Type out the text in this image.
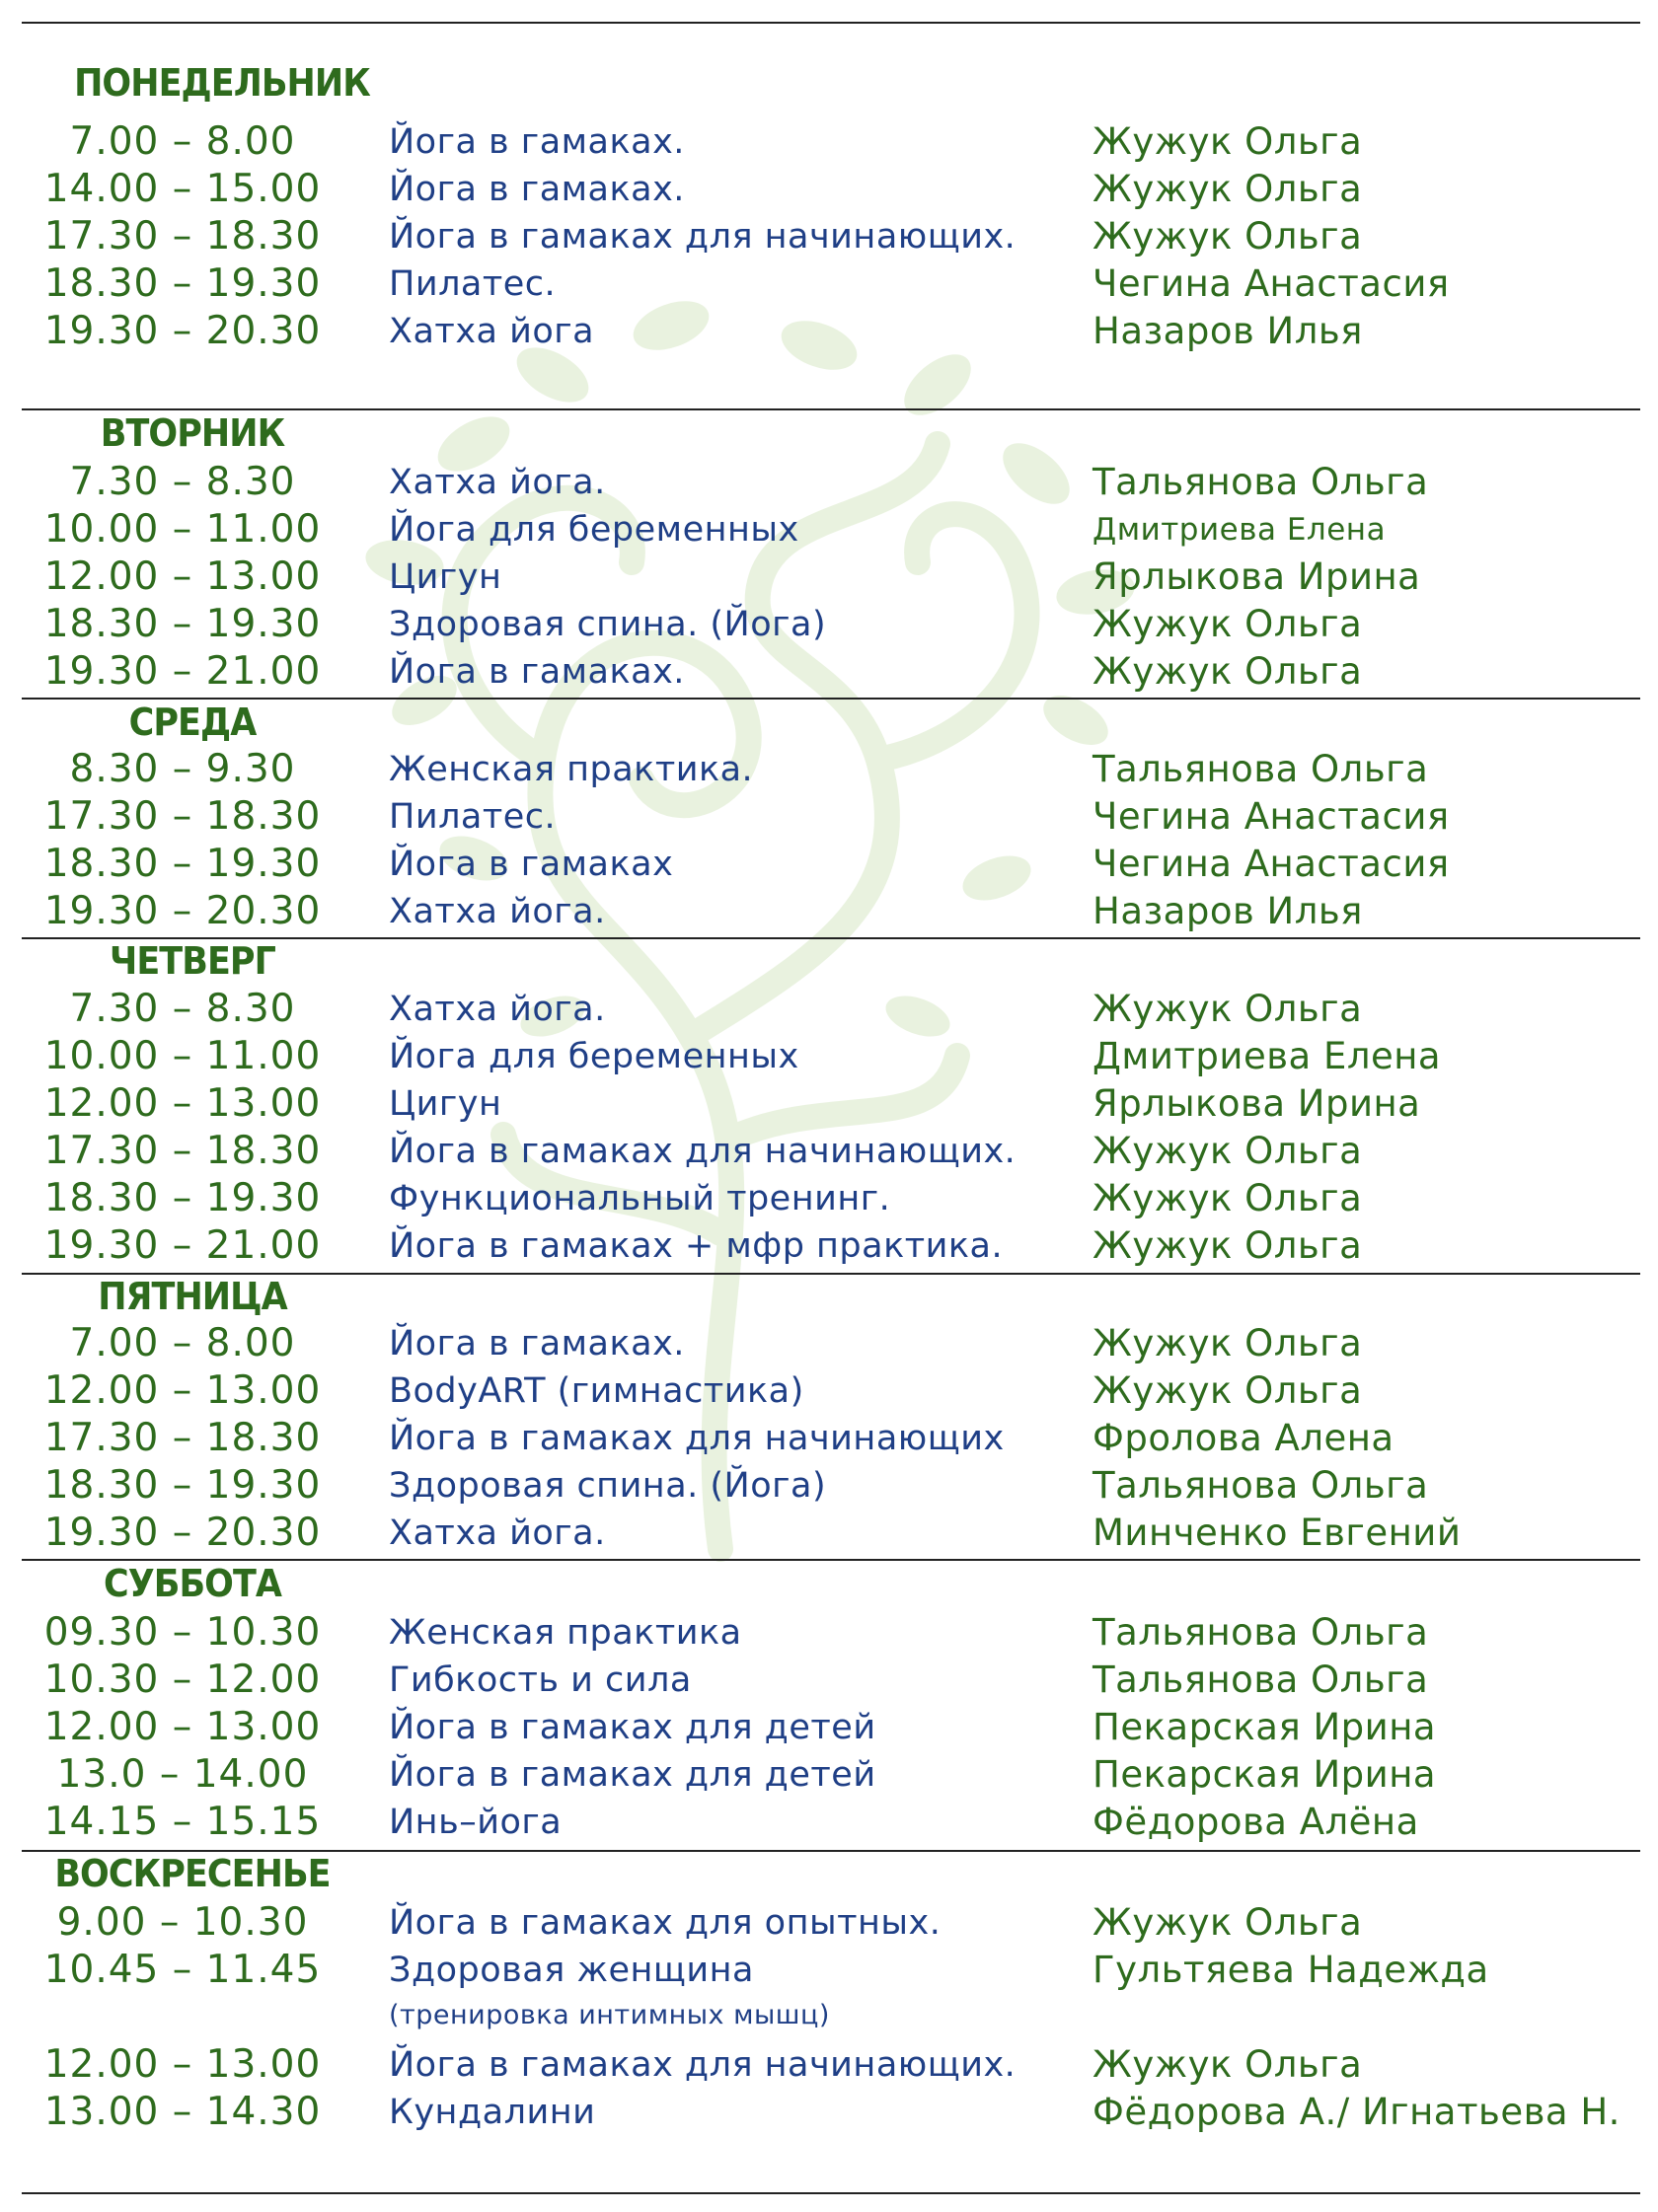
ПОНЕДЕЛЬНИК
7.00 – 8.00	Йога в гамаках.	Жужук Ольга
14.00 – 15.00	Йога в гамаках.	Жужук Ольга
17.30 – 18.30	Йога в гамаках для начинающих.	Жужук Ольга
18.30 – 19.30	Пилатес.	Чегина Анастасия
19.30 – 20.30	Хатха йога	Назаров Илья
ВТОРНИК
7.30 – 8.30	Хатха йога.	Тальянова Ольга
10.00 – 11.00	Йога для беременных	Дмитриева Елена
12.00 – 13.00	Цигун	Ярлыкова Ирина
18.30 – 19.30	Здоровая спина. (Йога)	Жужук Ольга
19.30 – 21.00	Йога в гамаках.	Жужук Ольга
СРЕДА
8.30 – 9.30	Женская практика.	Тальянова Ольга
17.30 – 18.30	Пилатес.	Чегина Анастасия
18.30 – 19.30	Йога в гамаках	Чегина Анастасия
19.30 – 20.30	Хатха йога.	Назаров Илья
ЧЕТВЕРГ
7.30 – 8.30	Хатха йога.	Жужук Ольга
10.00 – 11.00	Йога для беременных	Дмитриева Елена
12.00 – 13.00	Цигун	Ярлыкова Ирина
17.30 – 18.30	Йога в гамаках для начинающих.	Жужук Ольга
18.30 – 19.30	Функциональный тренинг.	Жужук Ольга
19.30 – 21.00	Йога в гамаках + мфр практика.	Жужук Ольга
ПЯТНИЦА
7.00 – 8.00	Йога в гамаках.	Жужук Ольга
12.00 – 13.00	BodyART (гимнастика)	Жужук Ольга
17.30 – 18.30	Йога в гамаках для начинающих	Фролова Алена
18.30 – 19.30	Здоровая спина. (Йога)	Тальянова Ольга
19.30 – 20.30	Хатха йога.	Минченко Евгений
СУББОТА
09.30 – 10.30	Женская практика	Тальянова Ольга
10.30 – 12.00	Гибкость и сила	Тальянова Ольга
12.00 – 13.00	Йога в гамаках для детей	Пекарская Ирина
13.0 – 14.00	Йога в гамаках для детей	Пекарская Ирина
14.15 – 15.15	Инь–йога	Фёдорова Алёна
ВОСКРЕСЕНЬЕ
9.00 – 10.30	Йога в гамаках для опытных.	Жужук Ольга
10.45 – 11.45	Здоровая женщина	Гультяева Надежда
(тренировка интимных мышц)
12.00 – 13.00	Йога в гамаках для начинающих.	Жужук Ольга
13.00 – 14.30	Кундалини	Фёдорова А./ Игнатьева Н.
